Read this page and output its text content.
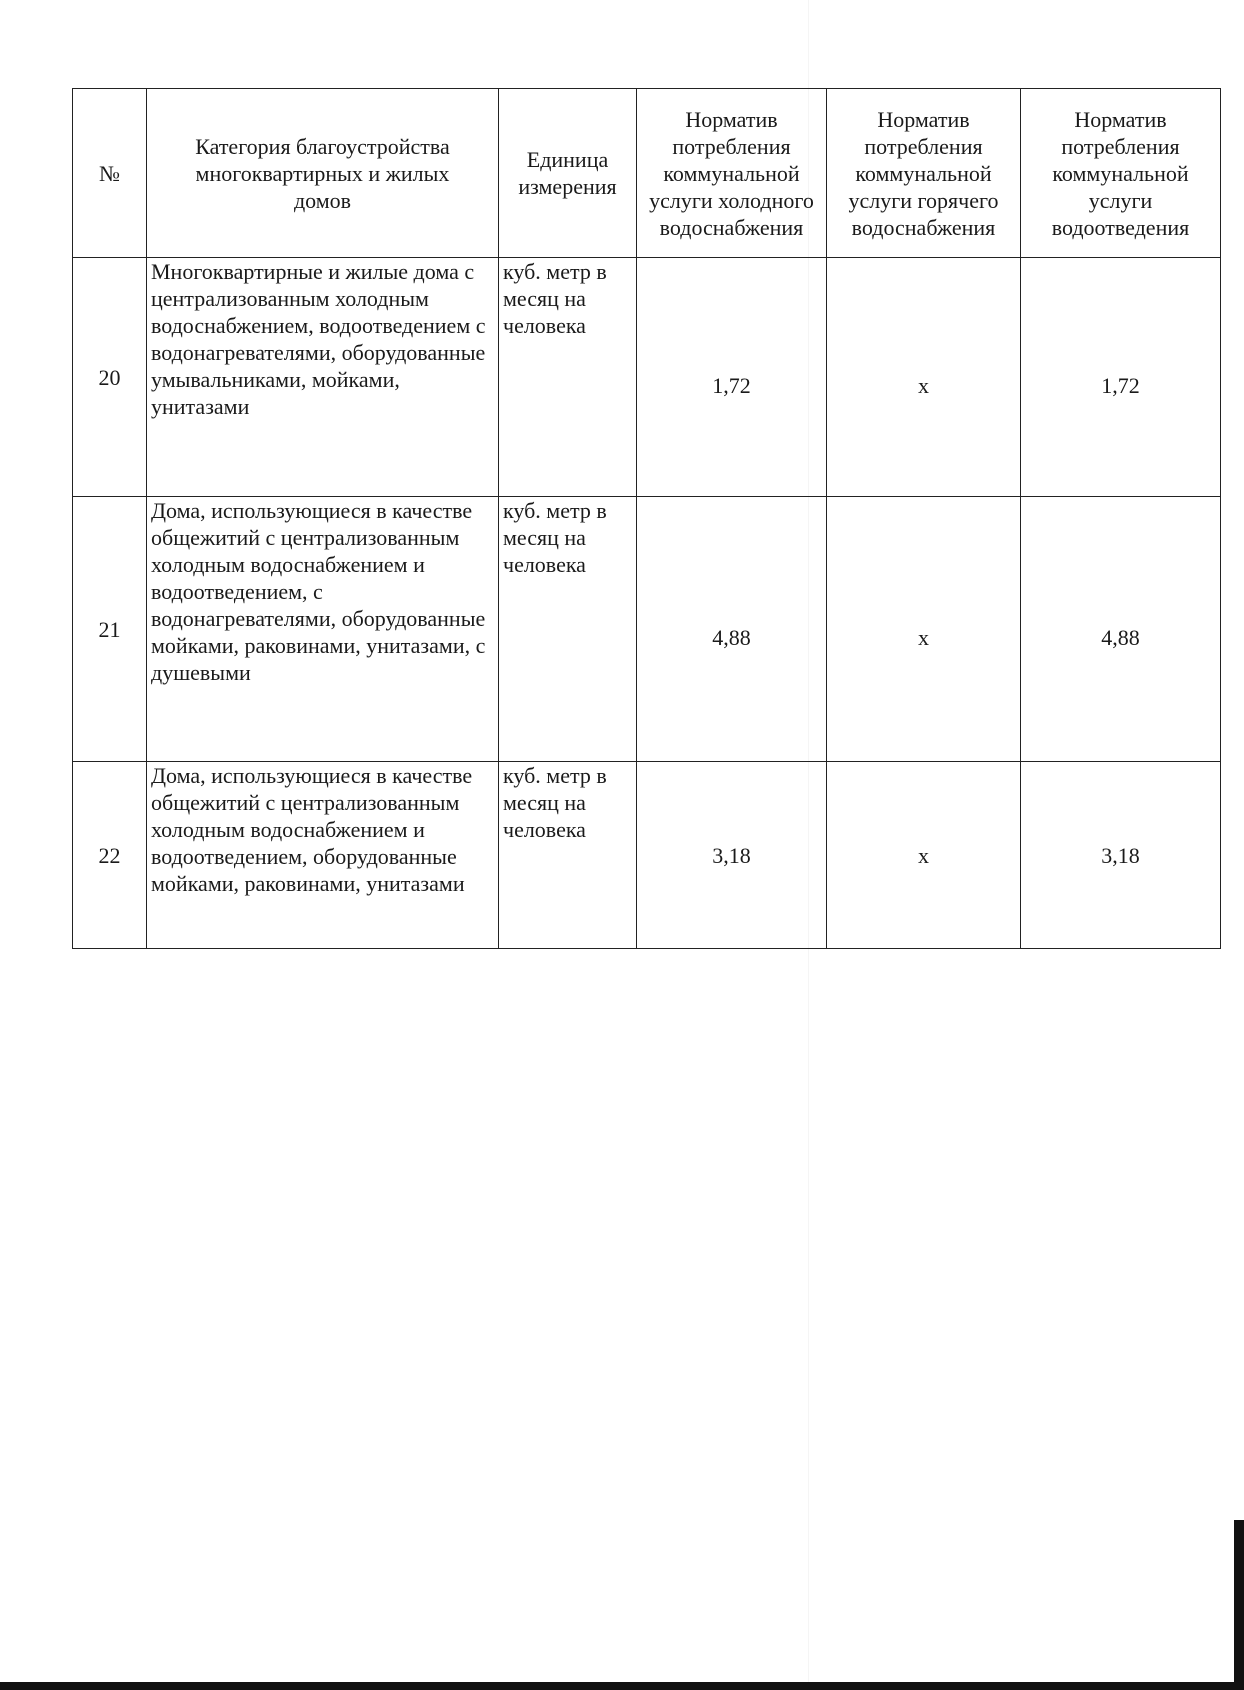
№	Категория благоустройства многоквартирных и жилых домов	Единица измерения	Норматив потребления коммунальной услуги холодного водоснабжения	Норматив потребления коммунальной услуги горячего водоснабжения	Норматив потребления коммунальной услуги водоотведения
20	Многоквартирные и жилые дома с централизованным холодным водоснабжением, водоотведением с водонагревателями, оборудованные умывальниками, мойками, унитазами	куб. метр в месяц на человека	1,72	х	1,72
21	Дома, использующиеся в качестве общежитий с централизованным холодным водоснабжением и водоотведением, с водонагревателями, оборудованные мойками, раковинами, унитазами, с душевыми	куб. метр в месяц на человека	4,88	х	4,88
22	Дома, использующиеся в качестве общежитий с централизованным холодным водоснабжением и водоотведением, оборудованные мойками, раковинами, унитазами	куб. метр в месяц на человека	3,18	х	3,18
